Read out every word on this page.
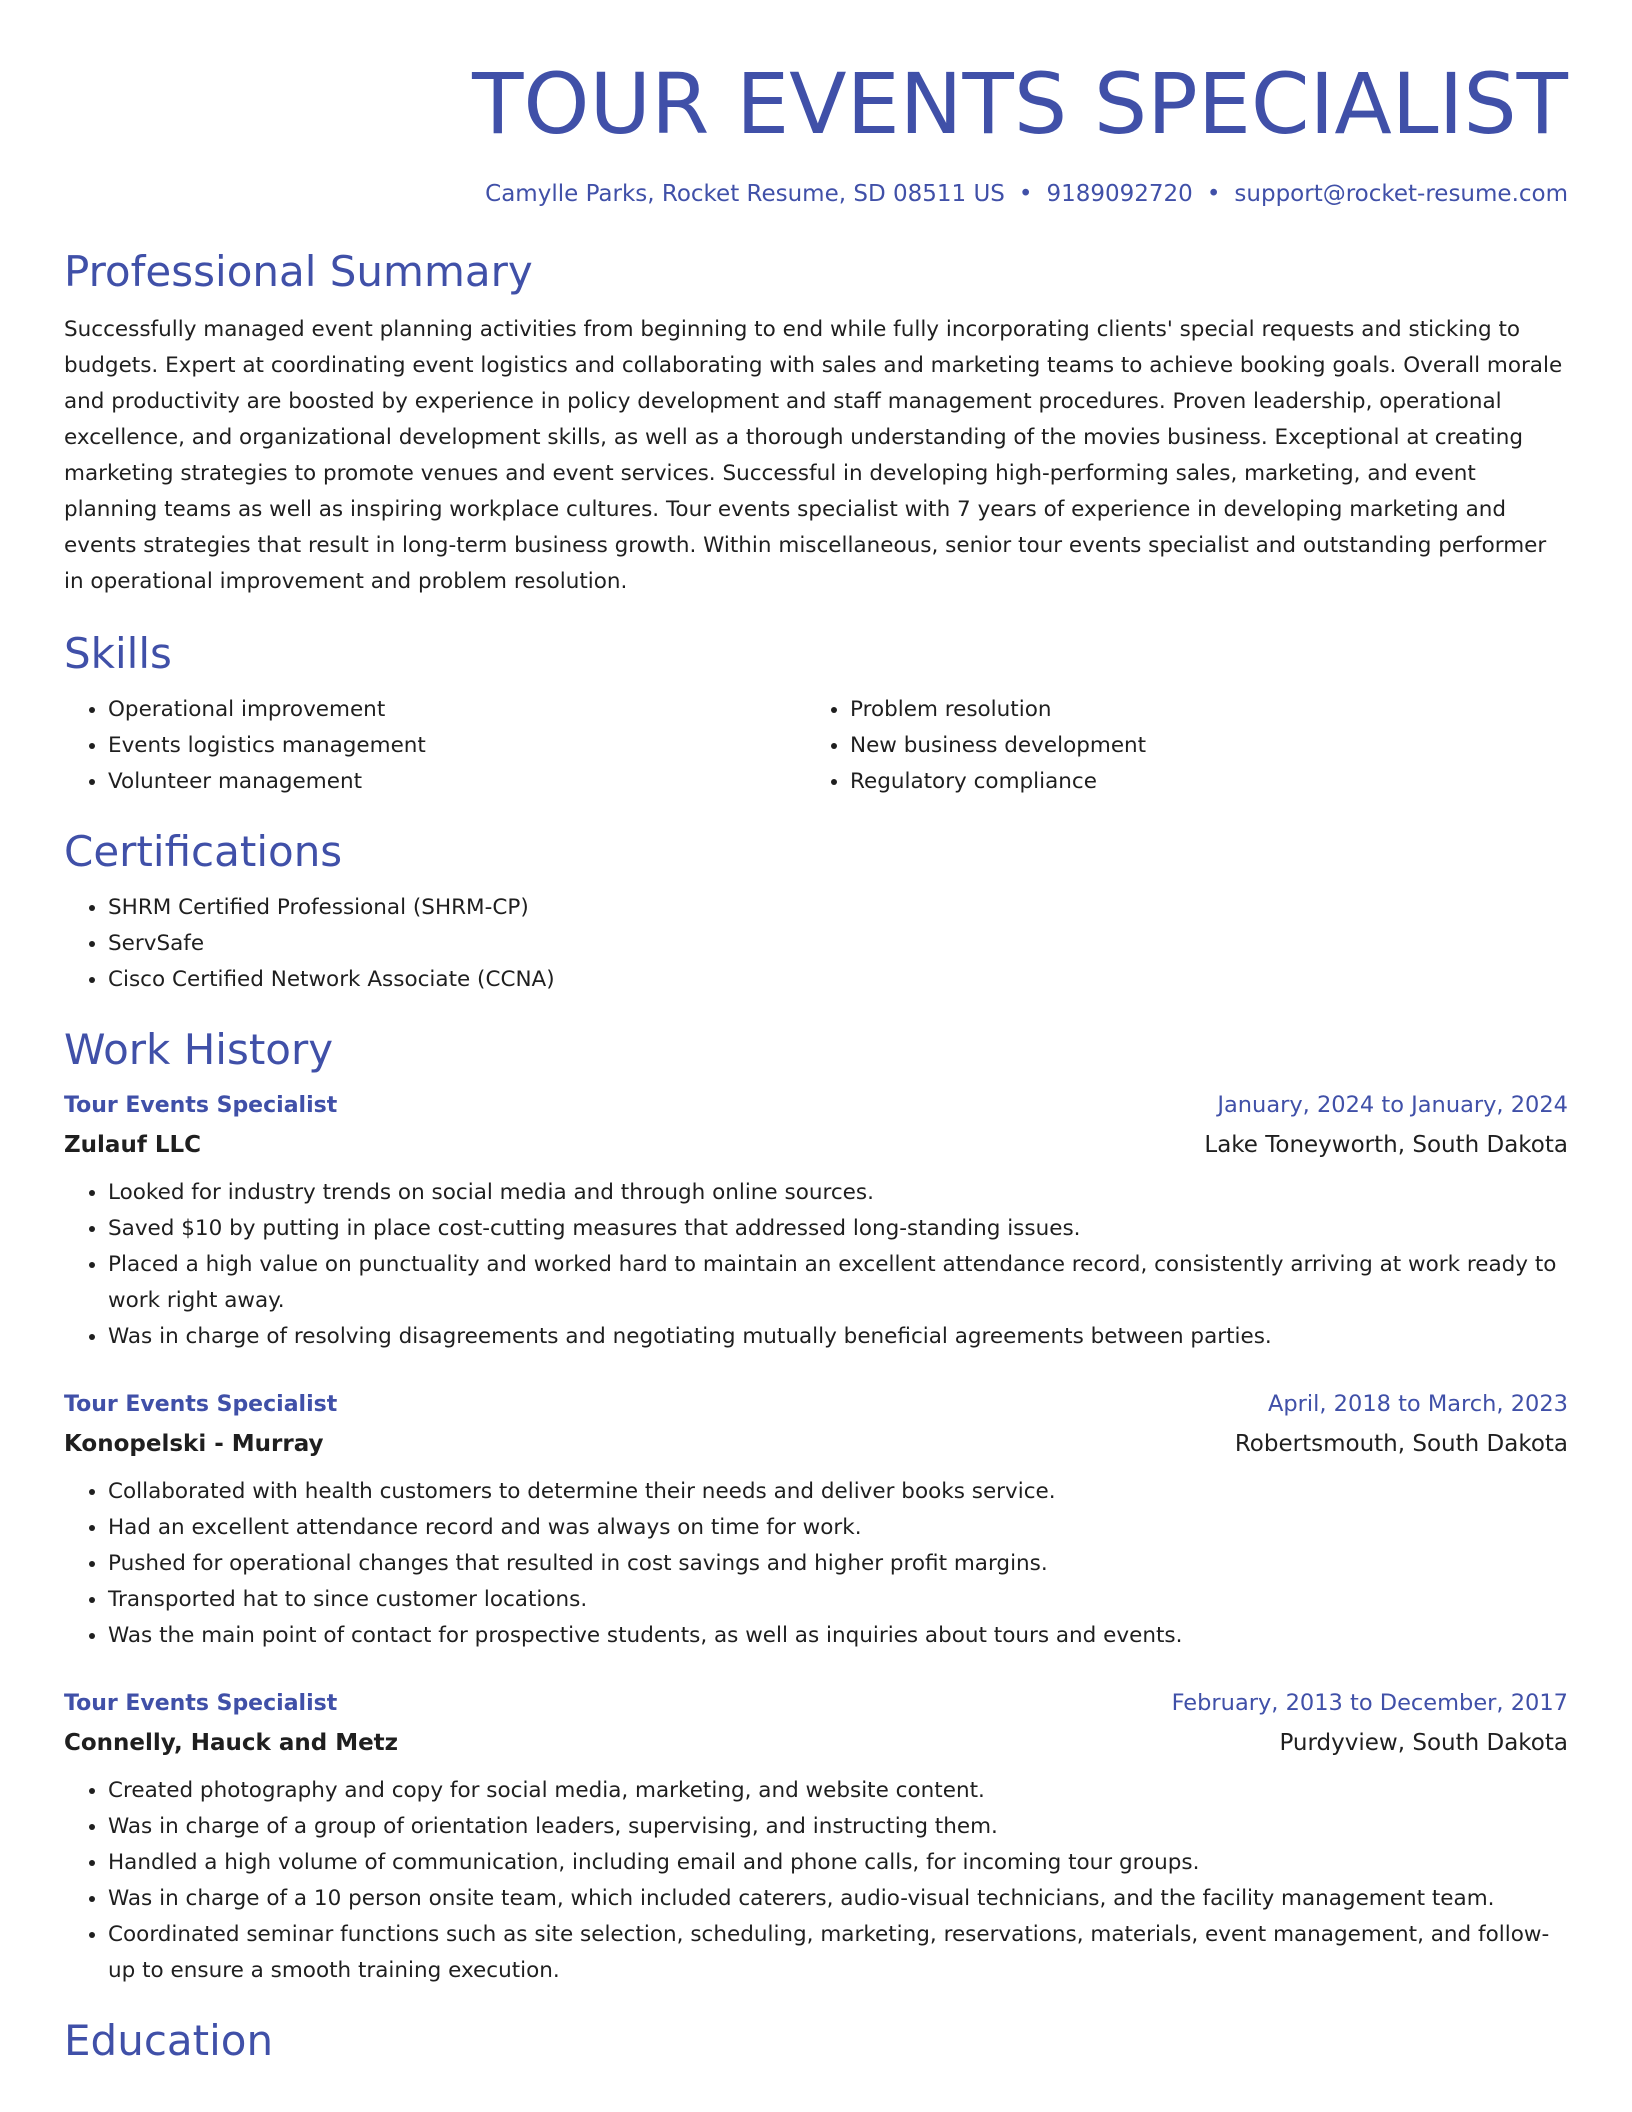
TOUR EVENTS SPECIALIST
Camylle Parks, Rocket Resume, SD 08511 US • 9189092720 • support@rocket-resume.com
Professional Summary

Successfully managed event planning activities from beginning to end while fully incorporating clients' special requests and sticking to budgets. Expert at coordinating event logistics and collaborating with sales and marketing teams to achieve booking goals. Overall morale and productivity are boosted by experience in policy development and staff management procedures. Proven leadership, operational excellence, and organizational development skills, as well as a thorough understanding of the movies business. Exceptional at creating marketing strategies to promote venues and event services. Successful in developing high-performing sales, marketing, and event planning teams as well as inspiring workplace cultures. Tour events specialist with 7 years of experience in developing marketing and events strategies that result in long-term business growth. Within miscellaneous, senior tour events specialist and outstanding performer in operational improvement and problem resolution.

Skills
• Operational improvement
• Events logistics management
• Volunteer management
• Problem resolution
• New business development
• Regulatory compliance
Certifications
• SHRM Certified Professional (SHRM-CP)
• ServSafe
• Cisco Certified Network Associate (CCNA)
Work History
Tour Events Specialist	January, 2024 to January, 2024
Zulauf LLC	Lake Toneyworth, South Dakota
• Looked for industry trends on social media and through online sources.
• Saved $10 by putting in place cost-cutting measures that addressed long-standing issues.
• Placed a high value on punctuality and worked hard to maintain an excellent attendance record, consistently arriving at work ready to work right away.
• Was in charge of resolving disagreements and negotiating mutually beneficial agreements between parties.
Tour Events Specialist	April, 2018 to March, 2023
Konopelski - Murray	Robertsmouth, South Dakota
• Collaborated with health customers to determine their needs and deliver books service.
• Had an excellent attendance record and was always on time for work.
• Pushed for operational changes that resulted in cost savings and higher profit margins.
• Transported hat to since customer locations.
• Was the main point of contact for prospective students, as well as inquiries about tours and events.
Tour Events Specialist	February, 2013 to December, 2017
Connelly, Hauck and Metz	Purdyview, South Dakota
• Created photography and copy for social media, marketing, and website content.
• Was in charge of a group of orientation leaders, supervising, and instructing them.
• Handled a high volume of communication, including email and phone calls, for incoming tour groups.
• Was in charge of a 10 person onsite team, which included caterers, audio-visual technicians, and the facility management team.
• Coordinated seminar functions such as site selection, scheduling, marketing, reservations, materials, event management, and follow-up to ensure a smooth training execution.
Education
